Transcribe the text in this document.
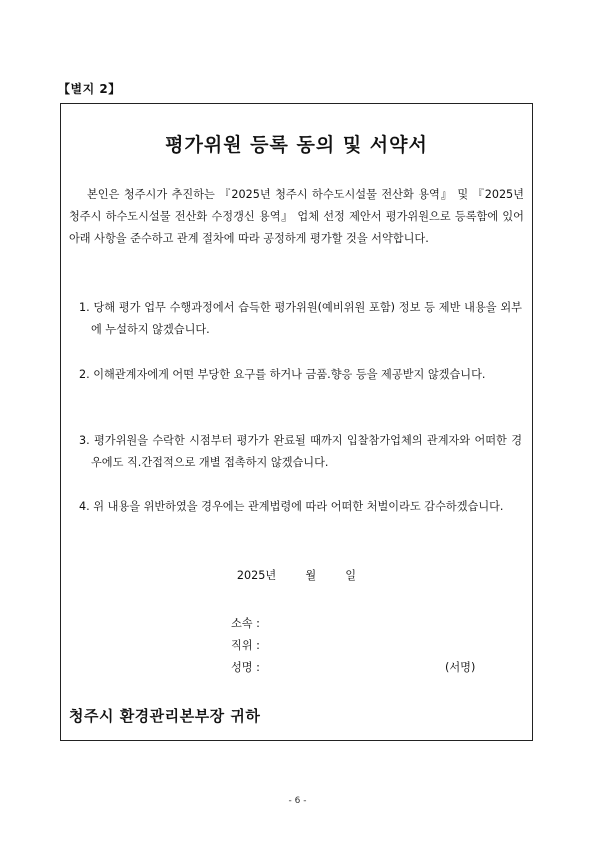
【별지 2】
평가위원 등록 동의 및 서약서
본인은 청주시가 추진하는 『2025년 청주시 하수도시설물 전산화 용역』 및 『2025년 청주시 하수도시설물 전산화 수정갱신 용역』 업체 선정 제안서 평가위원으로 등록함에 있어 아래 사항을 준수하고 관계 절차에 따라 공정하게 평가할 것을 서약합니다.
1. 당해 평가 업무 수행과정에서 습득한 평가위원(예비위원 포함) 정보 등 제반 내용을 외부에 누설하지 않겠습니다.
2. 이해관계자에게 어떤 부당한 요구를 하거나 금품.향응 등을 제공받지 않겠습니다.
3. 평가위원을 수락한 시점부터 평가가 완료될 때까지 입찰참가업체의 관계자와 어떠한 경우에도 직.간접적으로 개별 접촉하지 않겠습니다.
4. 위 내용을 위반하였을 경우에는 관계법령에 따라 어떠한 처벌이라도 감수하겠습니다.
2025년	월	일
소속 :
직위 :
성명 :	(서명)
청주시 환경관리본부장 귀하
- 6 -
